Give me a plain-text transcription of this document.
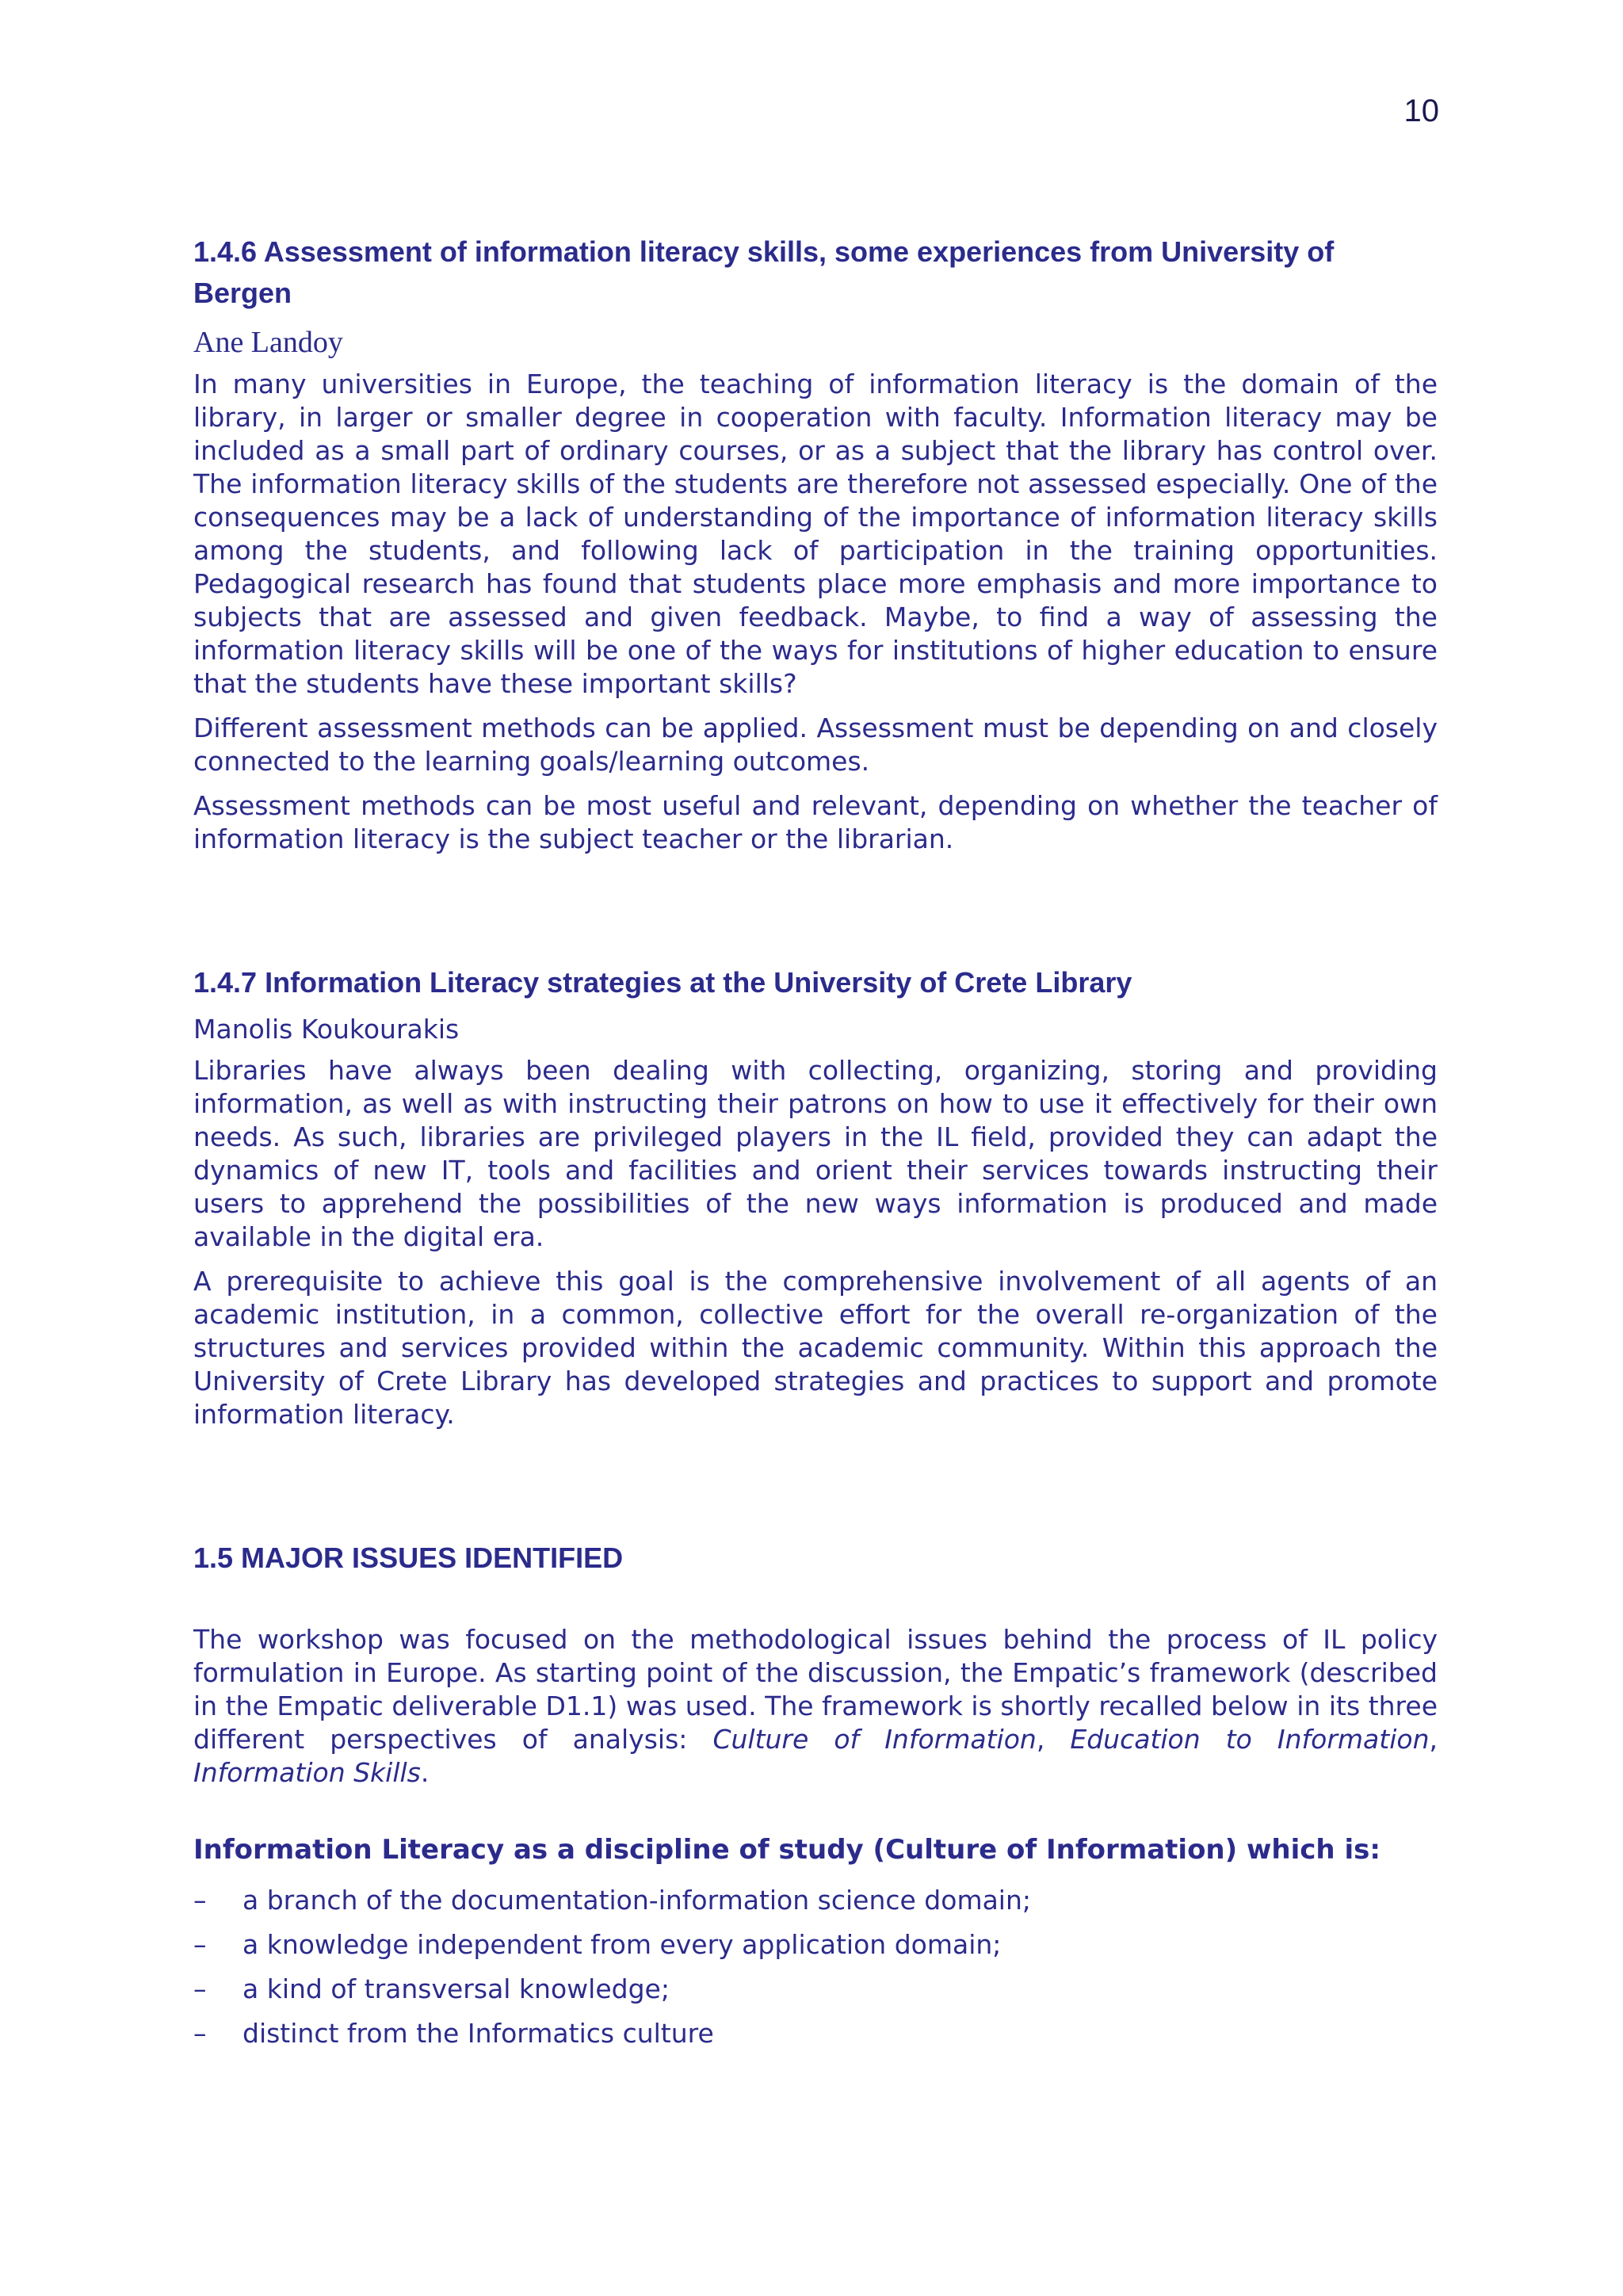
10
1.4.6 Assessment of information literacy skills, some experiences from University of Bergen
Ane Landoy

In many universities in Europe, the teaching of information literacy is the domain of the library, in larger or smaller degree in cooperation with faculty. Information literacy may be included as a small part of ordinary courses, or as a subject that the library has control over. The information literacy skills of the students are therefore not assessed especially. One of the consequences may be a lack of understanding of the importance of information literacy skills among the students, and following lack of participation in the training opportunities. Pedagogical research has found that students place more emphasis and more importance to subjects that are assessed and given feedback. Maybe, to find a way of assessing the information literacy skills will be one of the ways for institutions of higher education to ensure that the students have these important skills?

Different assessment methods can be applied. Assessment must be depending on and closely connected to the learning goals/learning outcomes.

Assessment methods can be most useful and relevant, depending on whether the teacher of information literacy is the subject teacher or the librarian.

1.4.7 Information Literacy strategies at the University of Crete Library
Manolis Koukourakis

Libraries have always been dealing with collecting, organizing, storing and providing information, as well as with instructing their patrons on how to use it effectively for their own needs. As such, libraries are privileged players in the IL field, provided they can adapt the dynamics of new IT, tools and facilities and orient their services towards instructing their users to apprehend the possibilities of the new ways information is produced and made available in the digital era.

A prerequisite to achieve this goal is the comprehensive involvement of all agents of an academic institution, in a common, collective effort for the overall re-organization of the structures and services provided within the academic community. Within this approach the University of Crete Library has developed strategies and practices to support and promote information literacy.

1.5 MAJOR ISSUES IDENTIFIED

The workshop was focused on the methodological issues behind the process of IL policy formulation in Europe. As starting point of the discussion, the Empatic’s framework (described in the Empatic deliverable D1.1) was used. The framework is shortly recalled below in its three different perspectives of analysis: Culture of Information, Education to Information, Information Skills.

Information Literacy as a discipline of study (Culture of Information) which is:
– a branch of the documentation-information science domain;
– a knowledge independent from every application domain;
– a kind of transversal knowledge;
– distinct from the Informatics culture
